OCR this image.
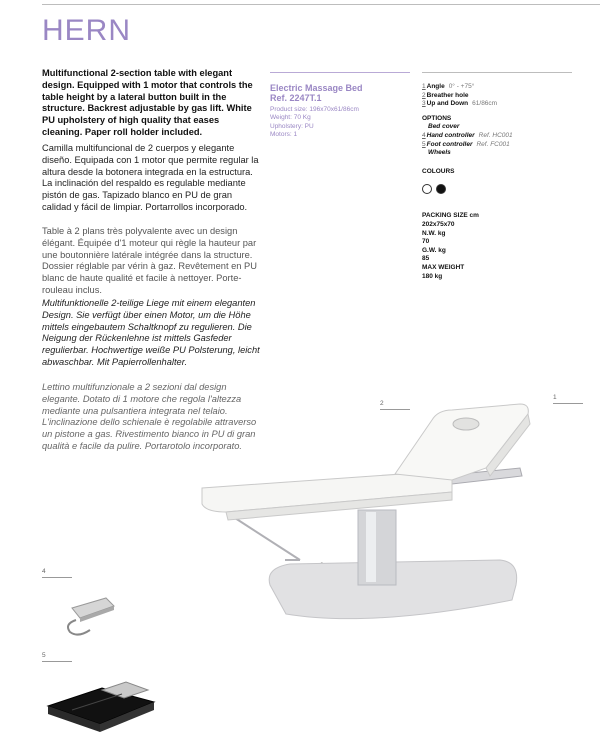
HERN

Multifunctional 2-section table with elegant design. Equipped with 1 motor that controls the table height by a lateral button built in the structure. Backrest adjustable by gas lift. White PU upholstery of high quality that eases cleaning. Paper roll holder included.

Camilla multifuncional de 2 cuerpos y elegante diseño. Equipada con 1 motor que permite regular la altura desde la botonera integrada en la estructura. La inclinación del respaldo es regulable mediante pistón de gas. Tapizado blanco en PU de gran calidad y fácil de limpiar. Portarrollos incorporado.

Table à 2 plans très polyvalente avec un design élégant. Équipée d'1 moteur qui règle la hauteur par une boutonnière latérale intégrée dans la structure. Dossier réglable par vérin à gaz. Revêtement en PU blanc de haute qualité et facile à nettoyer. Porte-rouleau inclus.

Multifunktionelle 2-teilige Liege mit einem eleganten Design. Sie verfügt über einen Motor, um die Höhe mittels eingebautem Schaltknopf zu regulieren. Die Neigung der Rückenlehne ist mittels Gasfeder regulierbar. Hochwertige weiße PU Polsterung, leicht abwaschbar. Mit Papierrollenhalter.

Lettino multifunzionale a 2 sezioni dal design elegante. Dotato di 1 motore che regola l'altezza mediante una pulsantiera integrata nel telaio. L'inclinazione dello schienale è regolabile attraverso un pistone a gas. Rivestimento bianco in PU di gran qualità e facile da pulire. Portarotolo incorporato.

Electric Massage Bed
Ref. 2247T.1
Product size: 196x70x61/86cm
Weight: 70 Kg
Upholstery: PU
Motors: 1
1Angle 0° - +75°
2Breather hole
3Up and Down 61/86cm
OPTIONS
Bed cover
4Hand controller Ref. HC001
5Foot controller Ref. FC001
Wheels
COLOURS
PACKING SIZE cm
202x75x70
N.W. kg
70
G.W. kg
85
MAX WEIGHT
180 kg
1
2
4
5
